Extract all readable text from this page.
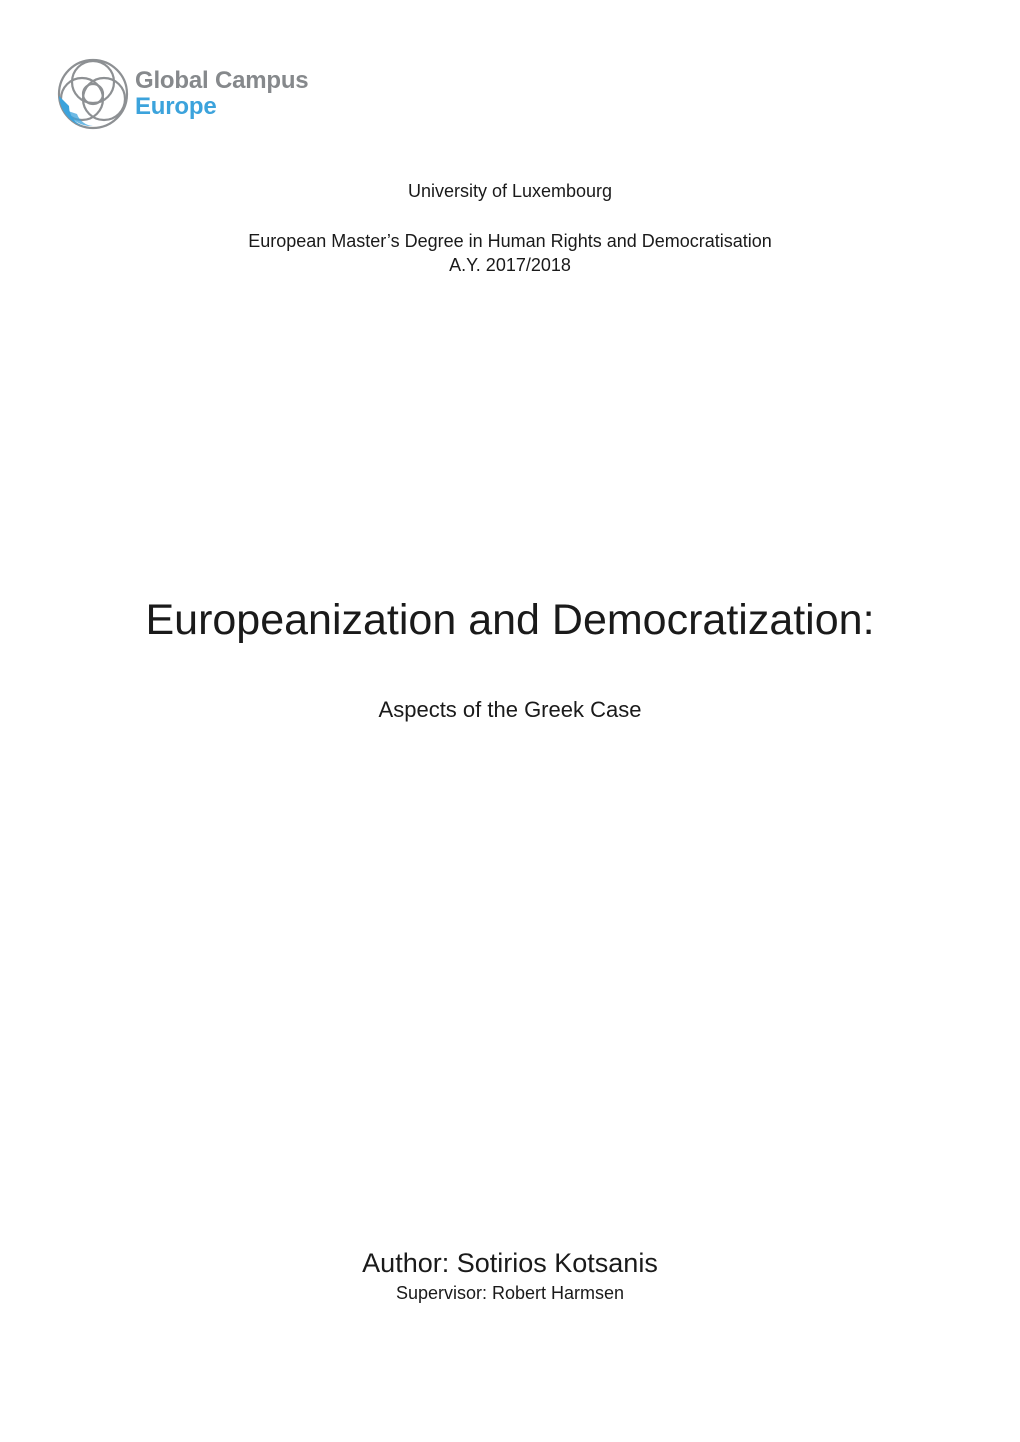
Global Campus
Europe
University of Luxembourg
European Master’s Degree in Human Rights and Democratisation
A.Y. 2017/2018
Europeanization and Democratization:
Aspects of the Greek Case
Author: Sotirios Kotsanis
Supervisor: Robert Harmsen
